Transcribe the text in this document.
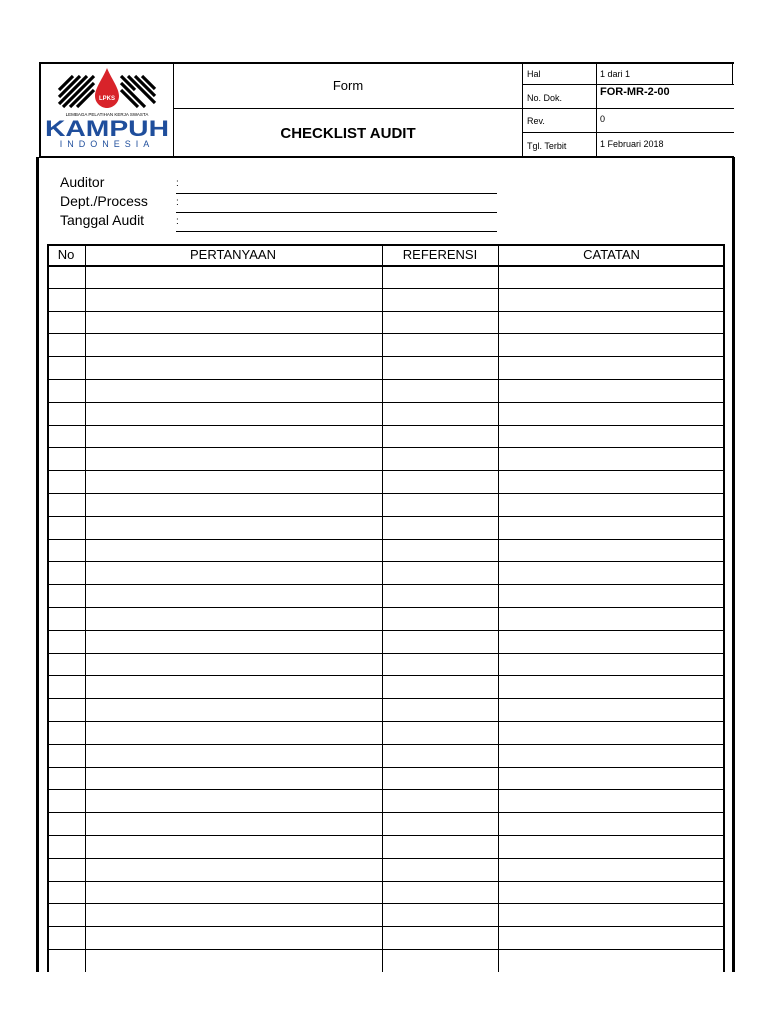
LPKS
LEMBAGA PELATIHAN KERJA SWASTA
KAMPUH
INDONESIA
Form
CHECKLIST AUDIT
Hal	1 dari 1
No. Dok.	FOR-MR-2-00
Rev.	0
Tgl. Terbit	1 Februari 2018
Auditor	:
Dept./Process	:
Tanggal Audit	:
No	PERTANYAAN	REFERENSI	CATATAN
